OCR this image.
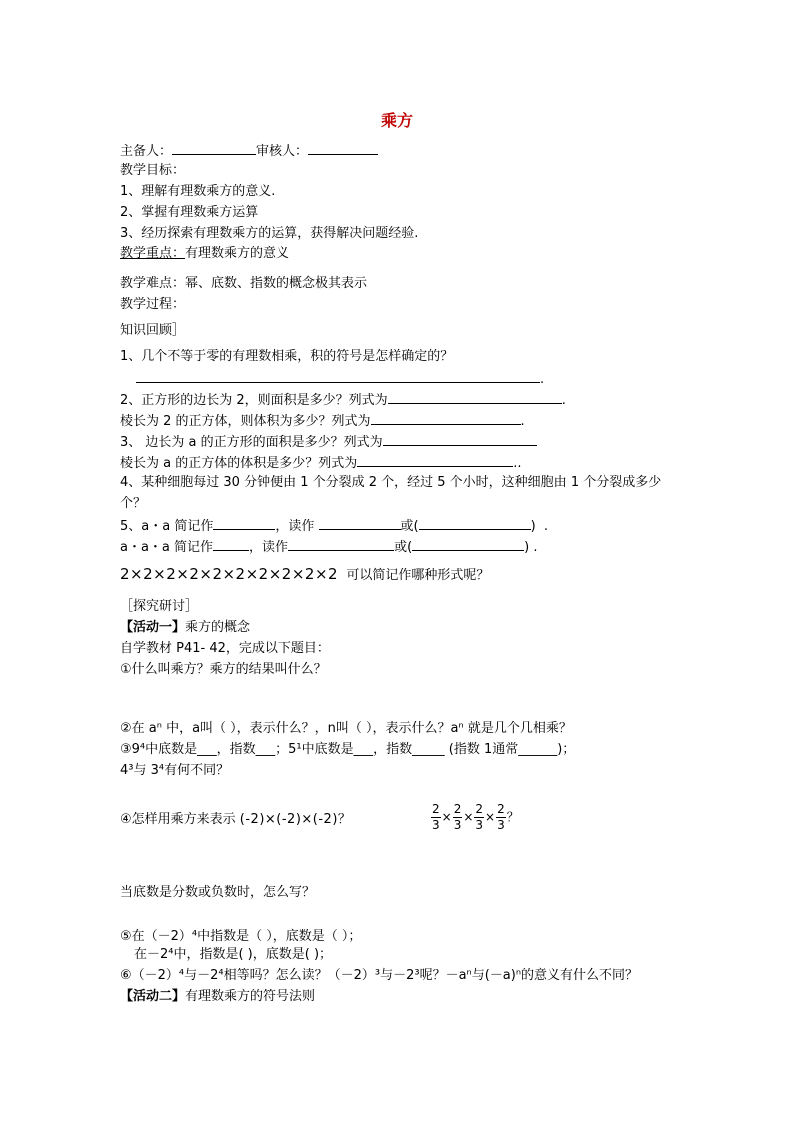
乘方
主备人：	审核人：
教学目标：
1、理解有理数乘方的意义.
2、掌握有理数乘方运算
3、经历探索有理数乘方的运算，获得解决问题经验.
教学重点：有理数乘方的意义
教学难点：幂、底数、指数的概念极其表示
教学过程：
知识回顾］
1、几个不等于零的有理数相乘，积的符号是怎样确定的？
.
2、正方形的边长为 2，则面积是多少？列式为	.
棱长为 2 的正方体，则体积为多少？列式为	.
3、 边长为 a 的正方形的面积是多少？列式为
棱长为 a 的正方体的体积是多少？列式为	..
4、某种细胞每过 30 分钟便由 1 个分裂成 2 个，经过 5 个小时，这种细胞由 1 个分裂成多少
个？
5、a・a 简记作	，读作	或(	)  .
a・a・a 简记作	，读作	或(	) .
2×2×2×2×2×2×2×2×2×2 可以简记作哪种形式呢？
［探究研讨］
【活动一】乘方的概念
自学教材 P41- 42，完成以下题目：
①什么叫乘方？乘方的结果叫什么？
②在 aⁿ 中，a叫（ ），表示什么？，n叫（ ），表示什么？aⁿ 就是几个几相乘？
③9⁴中底数是___，指数___；5¹中底数是___，指数_____ (指数 1通常______)；
4³与 3⁴有何不同？
④怎样用乘方来表示 (-2)×(-2)×(-2)？	$\frac{2}{3} \times \frac{2}{3} \times \frac{2}{3} \times \frac{2}{3}$ ？
当底数是分数或负数时，怎么写？
⑤在（－2）⁴中指数是（ ），底数是（ ）；
在－2⁴中，指数是( )，底数是( )；
⑥（－2）⁴与－2⁴相等吗？怎么读？（－2）³与－2³呢？－aⁿ与(－a)ⁿ的意义有什么不同？
【活动二】有理数乘方的符号法则
